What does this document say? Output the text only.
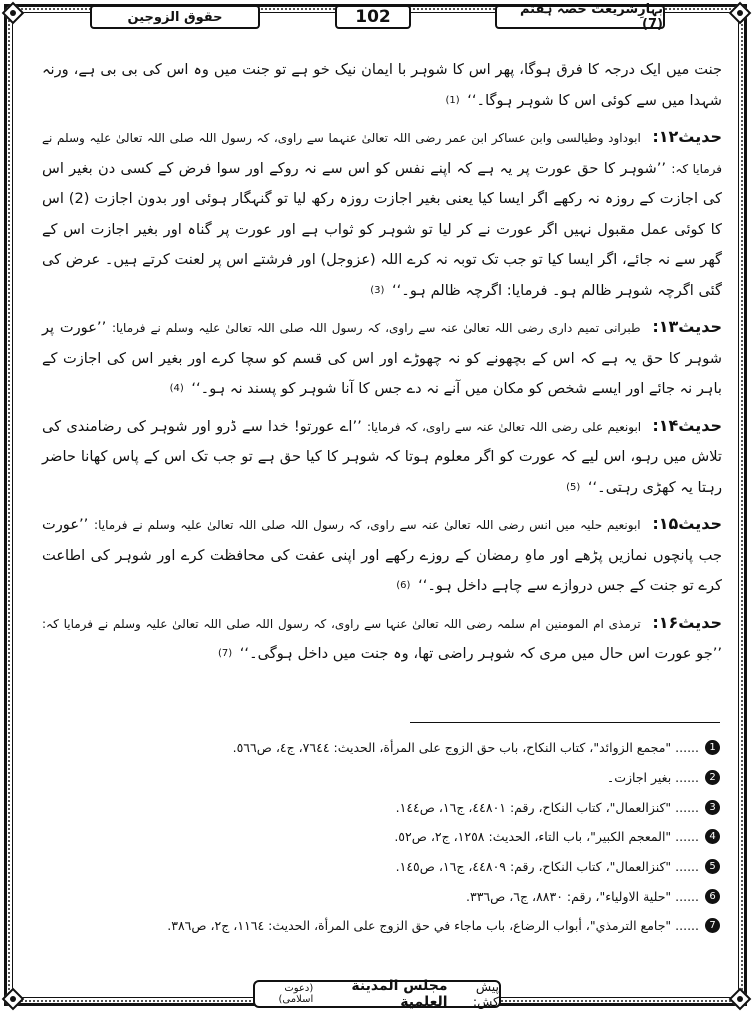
بہارِشریعت حصہ ہفتم (7)
102
حقوق الزوجین

جنت میں ایک درجہ کا فرق ہوگا، پھر اس کا شوہر با ایمان نیک خو ہے تو جنت میں وہ اس کی بی بی ہے، ورنہ شہدا میں سے کوئی اس کا شوہر ہوگا۔‘‘ $^{(1)}$

حدیث۱۲: ابوداود وطیالسی وابن عساکر ابن عمر رضی اللہ تعالیٰ عنہما سے راوی، کہ رسول اللہ صلی اللہ تعالیٰ علیہ وسلم نے فرمایا کہ: ’’شوہر کا حق عورت پر یہ ہے کہ اپنے نفس کو اس سے نہ روکے اور سوا فرض کے کسی دن بغیر اس کی اجازت کے روزہ نہ رکھے اگر ایسا کیا یعنی بغیر اجازت روزہ رکھ لیا تو گنہگار ہوئی اور بدون اجازت (2) اس کا کوئی عمل مقبول نہیں اگر عورت نے کر لیا تو شوہر کو ثواب ہے اور عورت پر گناہ اور بغیر اجازت اس کے گھر سے نہ جائے، اگر ایسا کیا تو جب تک توبہ نہ کرے اللہ (عزوجل) اور فرشتے اس پر لعنت کرتے ہیں۔ عرض کی گئی اگرچہ شوہر ظالم ہو۔ فرمایا: اگرچہ ظالم ہو۔‘‘ $^{(3)}$

حدیث۱۳: طبرانی تمیم داری رضی اللہ تعالیٰ عنہ سے راوی، کہ رسول اللہ صلی اللہ تعالیٰ علیہ وسلم نے فرمایا: ’’عورت پر شوہر کا حق یہ ہے کہ اس کے بچھونے کو نہ چھوڑے اور اس کی قسم کو سچا کرے اور بغیر اس کی اجازت کے باہر نہ جائے اور ایسے شخص کو مکان میں آنے نہ دے جس کا آنا شوہر کو پسند نہ ہو۔‘‘ $^{(4)}$

حدیث۱۴: ابونعیم علی رضی اللہ تعالیٰ عنہ سے راوی، کہ فرمایا: ’’اے عورتو! خدا سے ڈرو اور شوہر کی رضامندی کی تلاش میں رہو، اس لیے کہ عورت کو اگر معلوم ہوتا کہ شوہر کا کیا حق ہے تو جب تک اس کے پاس کھانا حاضر رہتا یہ کھڑی رہتی۔‘‘ $^{(5)}$

حدیث۱۵: ابونعیم حلیہ میں انس رضی اللہ تعالیٰ عنہ سے راوی، کہ رسول اللہ صلی اللہ تعالیٰ علیہ وسلم نے فرمایا: ’’عورت جب پانچوں نمازیں پڑھے اور ماہِ رمضان کے روزے رکھے اور اپنی عفت کی محافظت کرے اور شوہر کی اطاعت کرے تو جنت کے جس دروازے سے چاہے داخل ہو۔‘‘ $^{(6)}$

حدیث۱۶: ترمذی ام المومنین ام سلمہ رضی اللہ تعالیٰ عنہا سے راوی، کہ رسول اللہ صلی اللہ تعالیٰ علیہ وسلم نے فرمایا کہ: ’’جو عورت اس حال میں مری کہ شوہر راضی تھا، وہ جنت میں داخل ہوگی۔‘‘ $^{(7)}$

1
...... "مجمع الزوائد"، كتاب النكاح، باب حق الزوج على المرأة، الحديث: ٧٦٤٤، ج٤، ص٥٦٦.
2
...... بغیر اجازت۔
3
...... "كنزالعمال"، كتاب النكاح، رقم: ٤٤٨٠١، ج١٦، ص١٤٤.
4
...... "المعجم الكبير"، باب التاء، الحديث: ١٢٥٨، ج٢، ص٥٢.
5
...... "كنزالعمال"، كتاب النكاح، رقم: ٤٤٨٠٩، ج١٦، ص١٤٥.
6
...... "حلية الاولياء"، رقم: ٨٨٣٠، ج٦، ص٣٣٦.
7
...... "جامع الترمذي"، أبواب الرضاع، باب ماجاء في حق الزوج على المرأة، الحديث: ١١٦٤، ج٢، ص٣٨٦.
پیش کش:
مجلس المدينة العلمية
(دعوت اسلامی)
